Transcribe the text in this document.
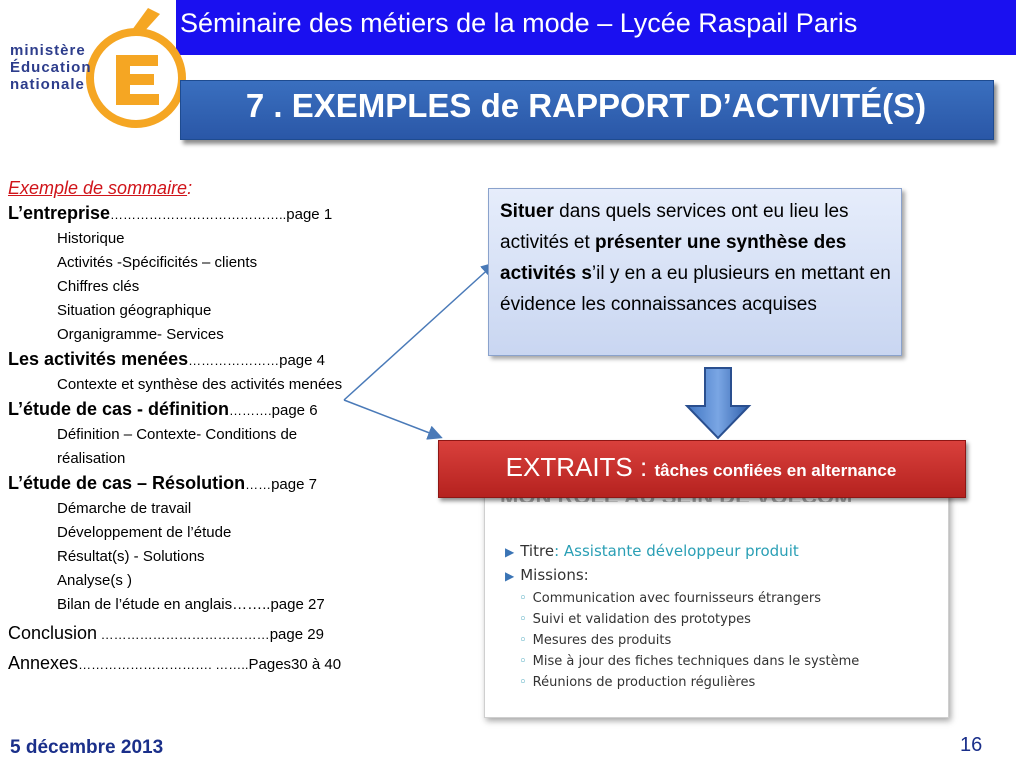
Séminaire des métiers de la mode – Lycée Raspail Paris
ministère
Éducation
nationale
7 . EXEMPLES de RAPPORT D’ACTIVITÉ(S)
Exemple de sommaire:
L’entreprise…………………………………..page 1
Historique
Activités -Spécificités – clients
Chiffres clés
Situation géographique
Organigramme- Services
Les activités menées…………………page 4
Contexte et synthèse des activités menées
L’étude de cas - définition……….page 6
Définition – Contexte- Conditions de réalisation
L’étude de cas – Résolution……page 7
Démarche de travail
Développement de l’étude
Résultat(s) - Solutions
Analyse(s )
Bilan de l’étude en anglais……..page 27
Conclusion …………………………………page 29
Annexes…………………………. ……..Pages30 à 40
Situer dans quels services ont eu lieu les activités et présenter une synthèse des activités s’il y en a eu plusieurs en mettant en évidence les connaissances acquises
▶ Titre: Assistante développeur produit
▶ Missions:
◦ Communication avec fournisseurs étrangers
◦ Suivi et validation des prototypes
◦ Mesures des produits
◦ Mise à jour des fiches techniques dans le système
◦ Réunions de production régulières
EXTRAITS : tâches confiées en alternance
5 décembre 2013	16
